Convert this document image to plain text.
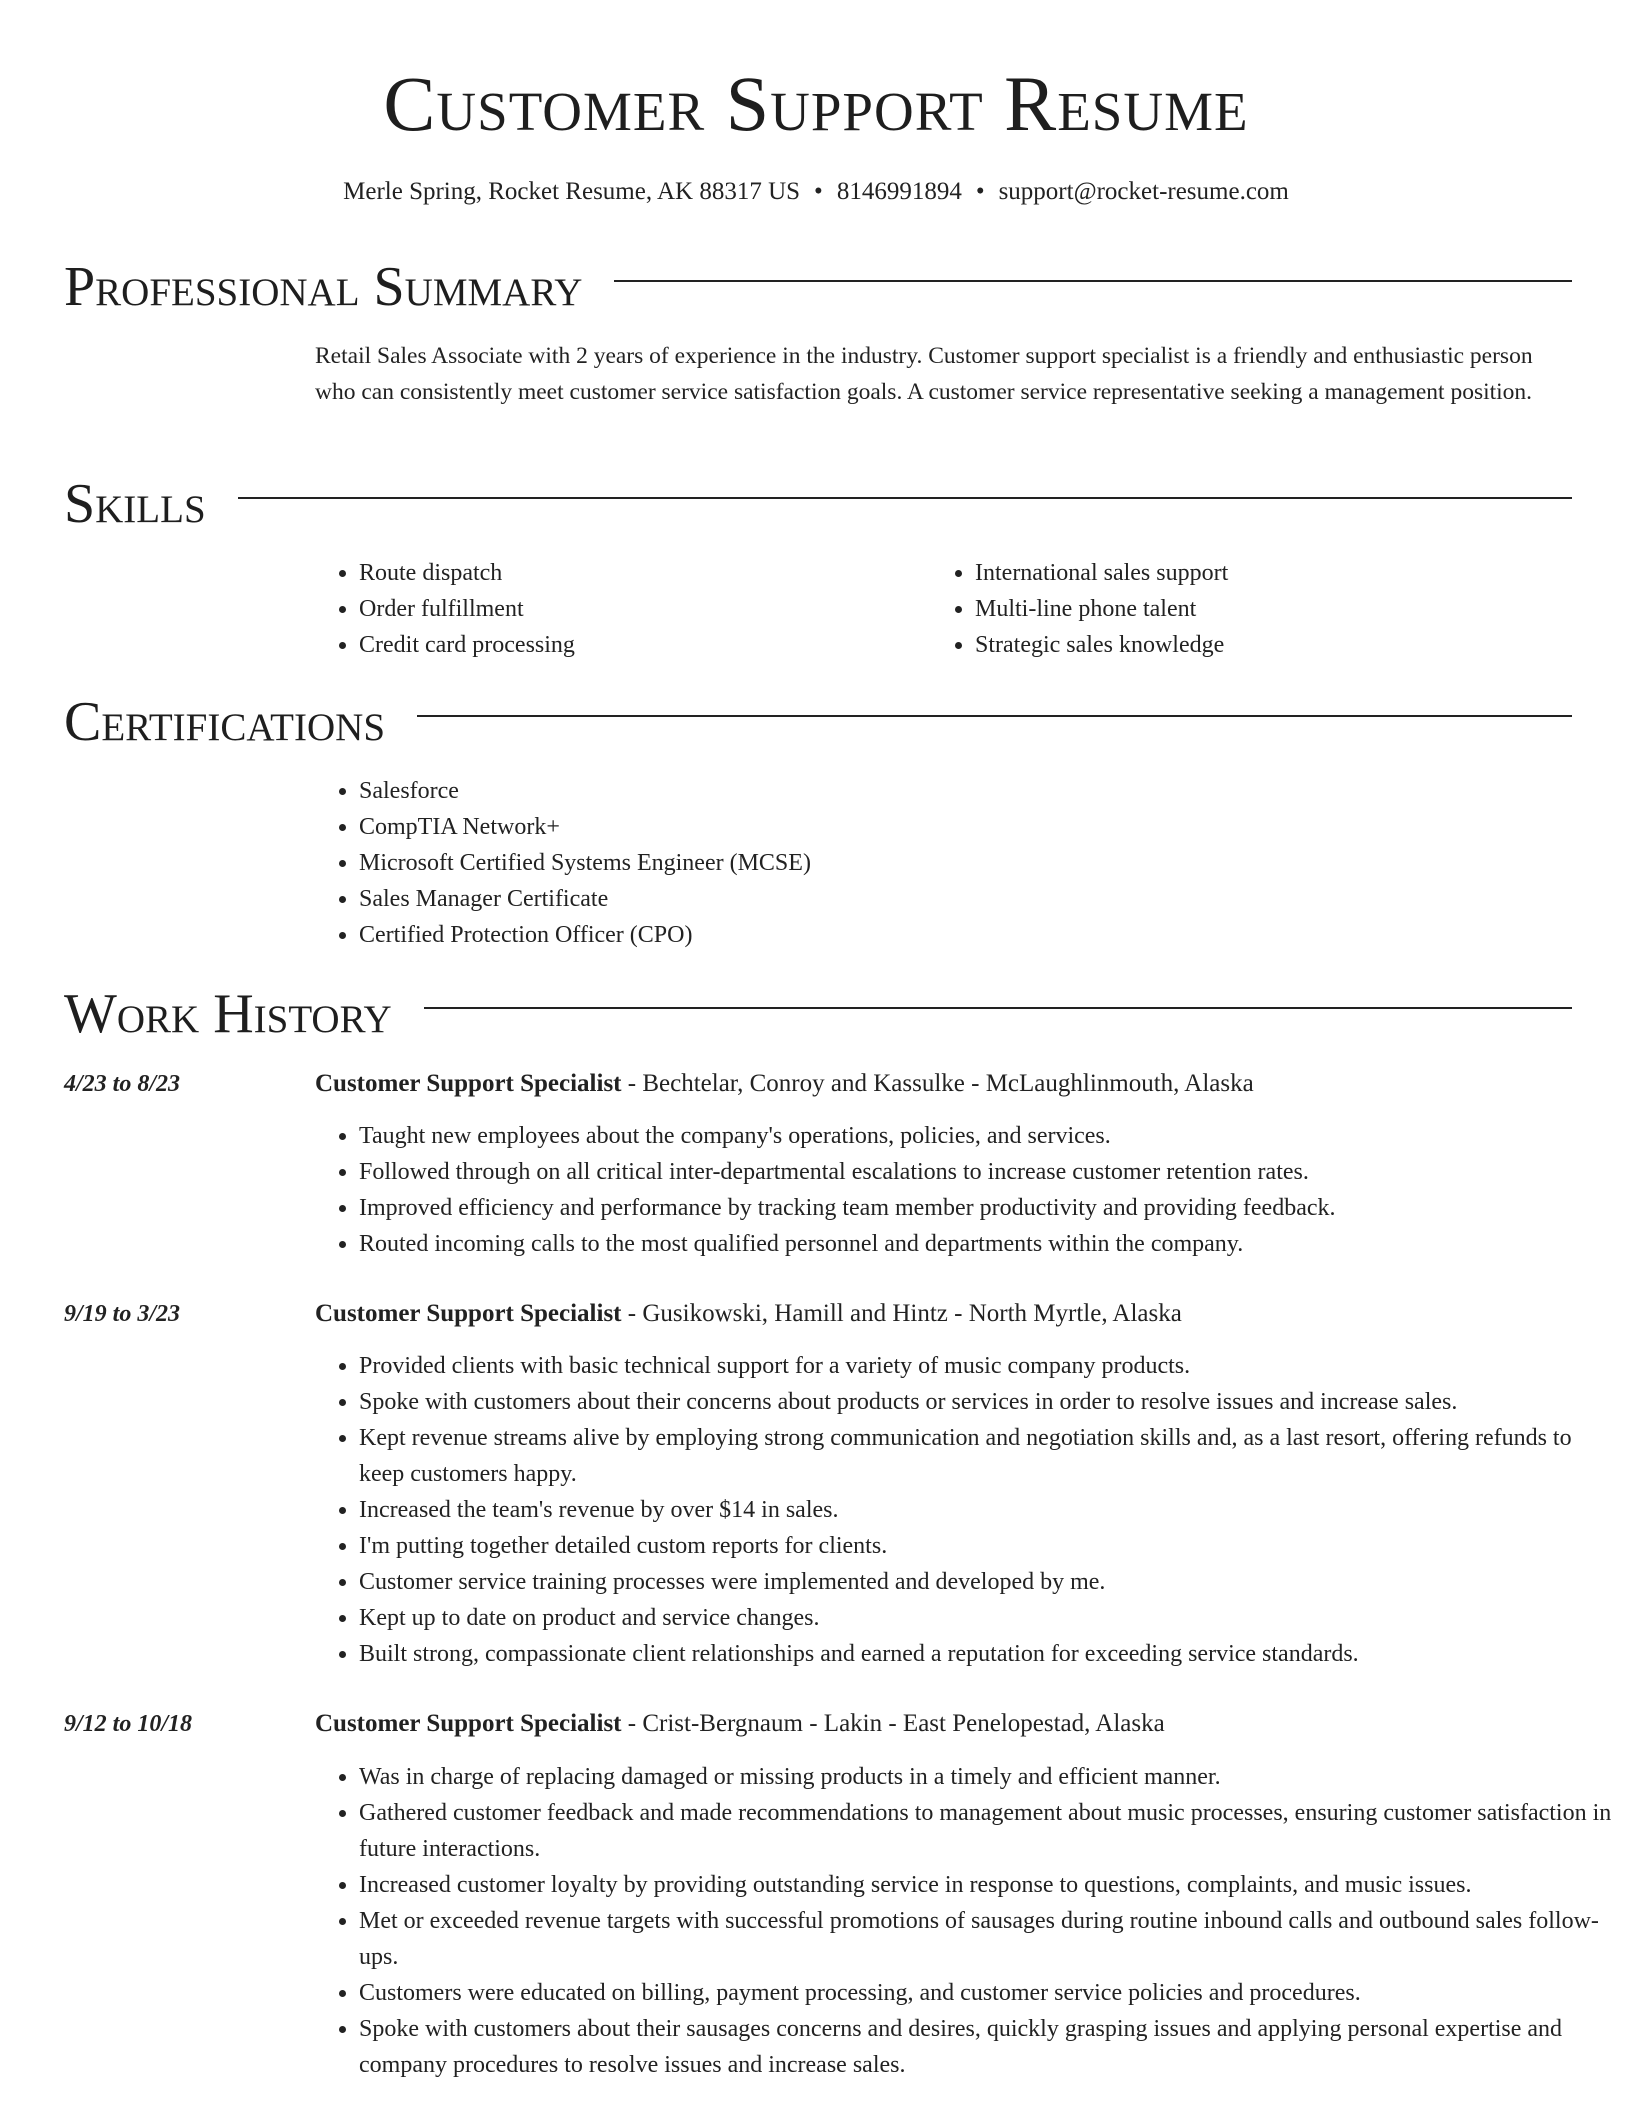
Customer Support Resume
Merle Spring, Rocket Resume, AK 88317 US • 8146991894 • support@rocket-resume.com
Professional Summary

Retail Sales Associate with 2 years of experience in the industry. Customer support specialist is a friendly and enthusiastic person who can consistently meet customer service satisfaction goals. A customer service representative seeking a management position.

Skills
• Route dispatch
• Order fulfillment
• Credit card processing
• International sales support
• Multi-line phone talent
• Strategic sales knowledge
Certifications
• Salesforce
• CompTIA Network+
• Microsoft Certified Systems Engineer (MCSE)
• Sales Manager Certificate
• Certified Protection Officer (CPO)
Work History
4/23 to 8/23	Customer Support Specialist - Bechtelar, Conroy and Kassulke - McLaughlinmouth, Alaska
• Taught new employees about the company's operations, policies, and services.
• Followed through on all critical inter-departmental escalations to increase customer retention rates.
• Improved efficiency and performance by tracking team member productivity and providing feedback.
• Routed incoming calls to the most qualified personnel and departments within the company.
9/19 to 3/23	Customer Support Specialist - Gusikowski, Hamill and Hintz - North Myrtle, Alaska
• Provided clients with basic technical support for a variety of music company products.
• Spoke with customers about their concerns about products or services in order to resolve issues and increase sales.
• Kept revenue streams alive by employing strong communication and negotiation skills and, as a last resort, offering refunds to keep customers happy.
• Increased the team's revenue by over $14 in sales.
• I'm putting together detailed custom reports for clients.
• Customer service training processes were implemented and developed by me.
• Kept up to date on product and service changes.
• Built strong, compassionate client relationships and earned a reputation for exceeding service standards.
9/12 to 10/18	Customer Support Specialist - Crist-Bergnaum - Lakin - East Penelopestad, Alaska
• Was in charge of replacing damaged or missing products in a timely and efficient manner.
• Gathered customer feedback and made recommendations to management about music processes, ensuring customer satisfaction in future interactions.
• Increased customer loyalty by providing outstanding service in response to questions, complaints, and music issues.
• Met or exceeded revenue targets with successful promotions of sausages during routine inbound calls and outbound sales follow-ups.
• Customers were educated on billing, payment processing, and customer service policies and procedures.
• Spoke with customers about their sausages concerns and desires, quickly grasping issues and applying personal expertise and company procedures to resolve issues and increase sales.
